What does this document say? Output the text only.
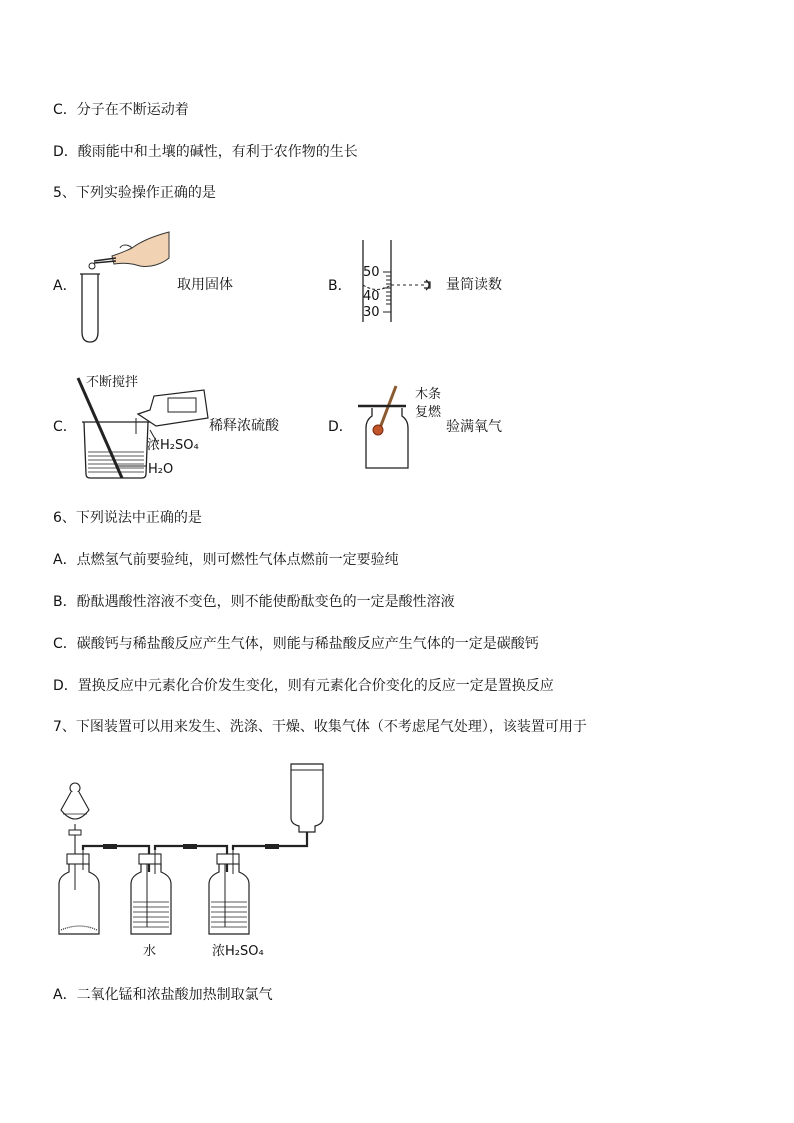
C．分子在不断运动着
D．酸雨能中和土壤的碱性，有利于农作物的生长
5、下列实验操作正确的是
A．	取用固体	B．
50
40
30
量筒读数
C．
不断搅拌
浓H₂SO₄
H₂O
稀释浓硫酸	D．
木条
复燃
验满氧气
6、下列说法中正确的是
A．点燃氢气前要验纯，则可燃性气体点燃前一定要验纯
B．酚酞遇酸性溶液不变色，则不能使酚酞变色的一定是酸性溶液
C．碳酸钙与稀盐酸反应产生气体，则能与稀盐酸反应产生气体的一定是碳酸钙
D．置换反应中元素化合价发生变化，则有元素化合价变化的反应一定是置换反应
7、下图装置可以用来发生、洗涤、干燥、收集气体（不考虑尾气处理），该装置可用于
水	浓H₂SO₄
A．二氧化锰和浓盐酸加热制取氯气
